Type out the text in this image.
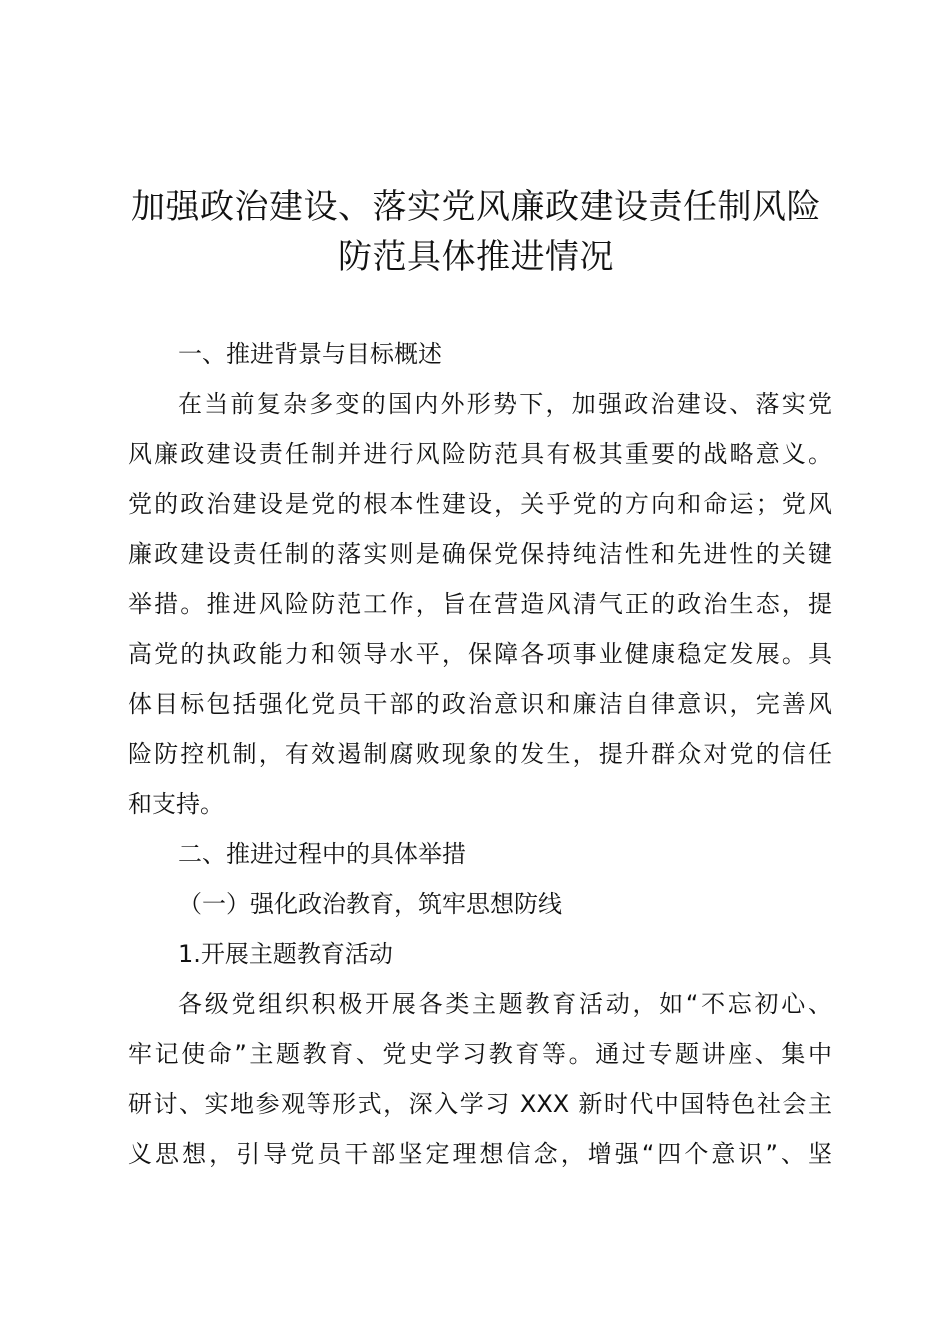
加强政治建设、落实党风廉政建设责任制风险
防范具体推进情况

一、推进背景与目标概述

在当前复杂多变的国内外形势下，加强政治建设、落实党

风廉政建设责任制并进行风险防范具有极其重要的战略意义。

党的政治建设是党的根本性建设，关乎党的方向和命运；党风

廉政建设责任制的落实则是确保党保持纯洁性和先进性的关键

举措。推进风险防范工作，旨在营造风清气正的政治生态，提

高党的执政能力和领导水平，保障各项事业健康稳定发展。具

体目标包括强化党员干部的政治意识和廉洁自律意识，完善风

险防控机制，有效遏制腐败现象的发生，提升群众对党的信任

和支持。

二、推进过程中的具体举措

（一）强化政治教育，筑牢思想防线

1.开展主题教育活动

各级党组织积极开展各类主题教育活动，如“不忘初心、

牢记使命”主题教育、党史学习教育等。通过专题讲座、集中

研讨、实地参观等形式，深入学习 XXX 新时代中国特色社会主

义思想，引导党员干部坚定理想信念，增强“四个意识”、坚
